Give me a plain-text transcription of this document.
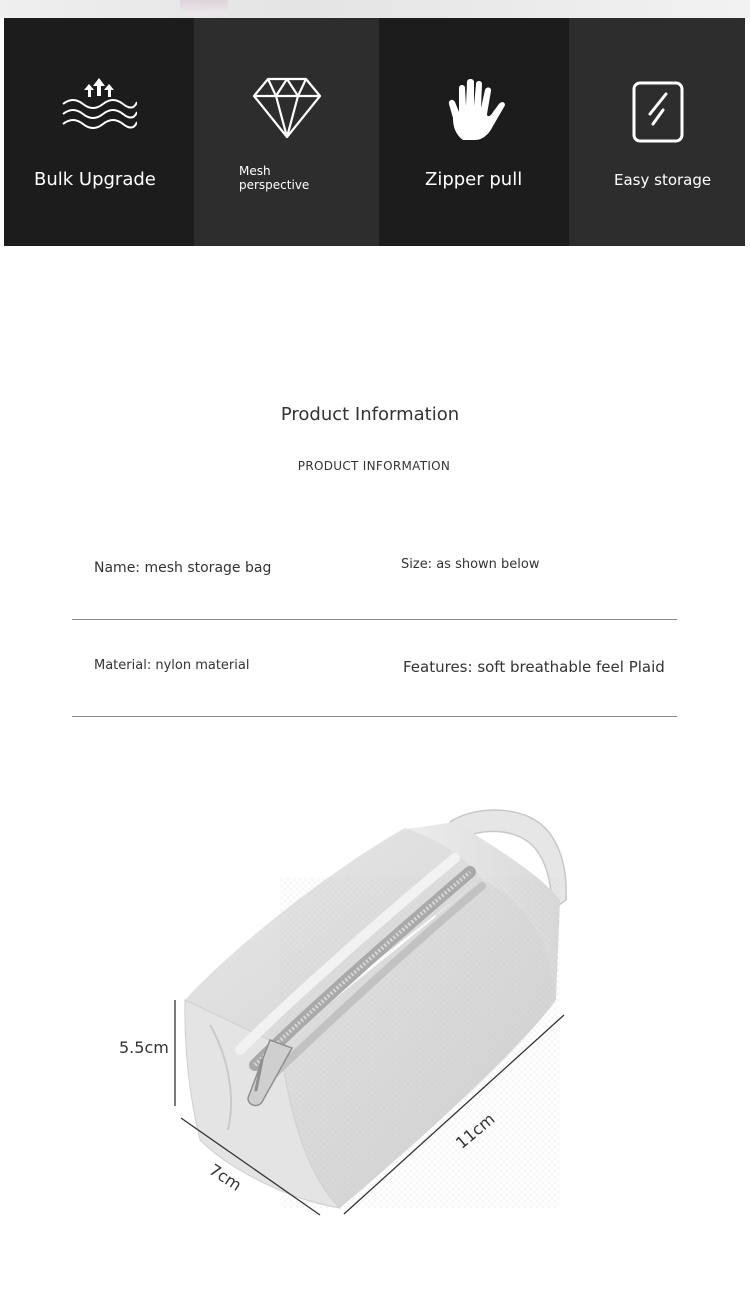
Bulk Upgrade	Mesh perspective	Zipper pull	Easy storage
Product Information
PRODUCT INFORMATION
Name: mesh storage bag	Size: as shown below
Material: nylon material	Features: soft breathable feel Plaid
5.5cm
7cm
11cm
